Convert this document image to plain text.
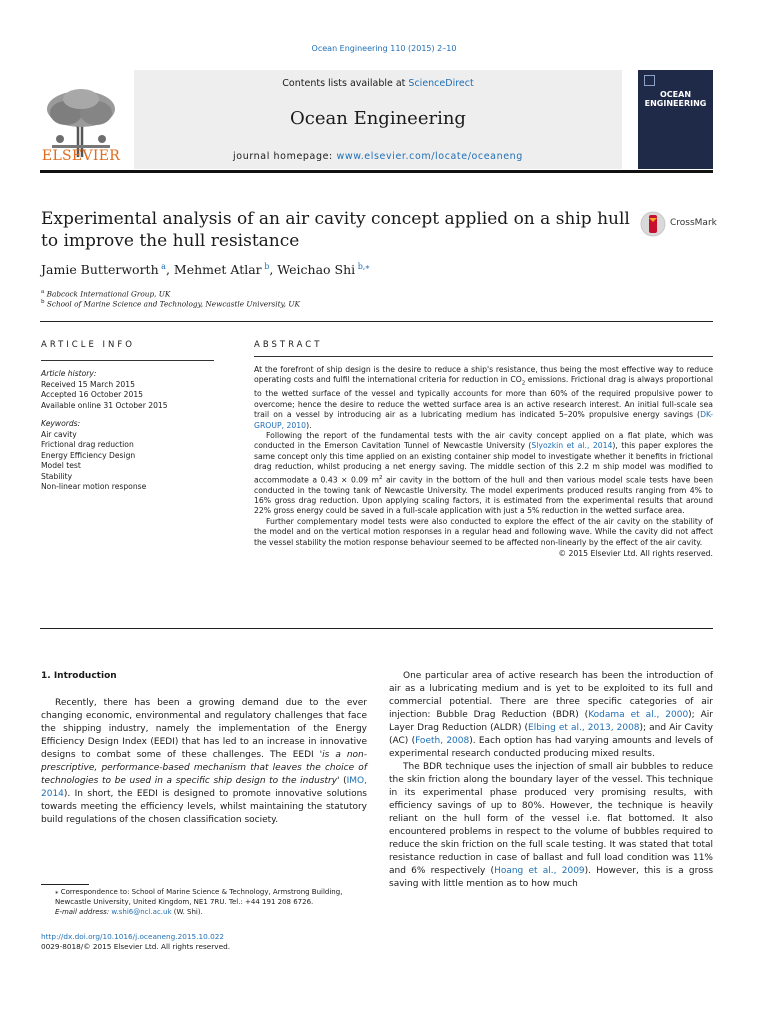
Ocean Engineering 110 (2015) 2–10
ELSEVIER
Contents lists available at ScienceDirect
Ocean Engineering
journal homepage: www.elsevier.com/locate/oceaneng
OCEAN
ENGINEERING
Experimental analysis of an air cavity concept applied on a ship hull to improve the hull resistance
CrossMark
Jamie Butterworth $^a$, Mehmet Atlar $^b$, Weichao Shi $^{b,⁎}$
$^a$ Babcock International Group, UK
$^b$ School of Marine Science and Technology, Newcastle University, UK
ARTICLE INFO
Article history:
Received 15 March 2015
Accepted 16 October 2015
Available online 31 October 2015
Keywords:
Air cavity
Frictional drag reduction
Energy Efficiency Design
Model test
Stability
Non-linear motion response
ABSTRACT

At the forefront of ship design is the desire to reduce a ship's resistance, thus being the most effective way to reduce operating costs and fulfil the international criteria for reduction in $CO_2$ emissions. Frictional drag is always proportional to the wetted surface of the vessel and typically accounts for more than 60% of the required propulsive power to overcome; hence the desire to reduce the wetted surface area is an active research interest. An initial full-scale sea trail on a vessel by introducing air as a lubricating medium has indicated 5–20% propulsive energy savings (DK-GROUP, 2010).

Following the report of the fundamental tests with the air cavity concept applied on a flat plate, which was conducted in the Emerson Cavitation Tunnel of Newcastle University (Slyozkin et al., 2014), this paper explores the same concept only this time applied on an existing container ship model to investigate whether it benefits in frictional drag reduction, whilst producing a net energy saving. The middle section of this 2.2 m ship model was modified to accommodate a 0.43 × 0.09 $m^2$ air cavity in the bottom of the hull and then various model scale tests have been conducted in the towing tank of Newcastle University. The model experiments produced results ranging from 4% to 16% gross drag reduction. Upon applying scaling factors, it is estimated from the experimental results that around 22% gross energy could be saved in a full-scale application with just a 5% reduction in the wetted surface area.

Further complementary model tests were also conducted to explore the effect of the air cavity on the stability of the model and on the vertical motion responses in a regular head and following wave. While the cavity did not affect the vessel stability the motion response behaviour seemed to be affected non-linearly by the effect of the air cavity.

© 2015 Elsevier Ltd. All rights reserved.
1. Introduction

Recently, there has been a growing demand due to the ever changing economic, environmental and regulatory challenges that face the shipping industry, namely the implementation of the Energy Efficiency Design Index (EEDI) that has led to an increase in innovative designs to combat some of these challenges. The EEDI 'is a non-prescriptive, performance-based mechanism that leaves the choice of technologies to be used in a specific ship design to the industry' (IMO, 2014). In short, the EEDI is designed to promote innovative solutions towards meeting the efficiency levels, whilst maintaining the statutory build regulations of the chosen classification society.

One particular area of active research has been the introduction of air as a lubricating medium and is yet to be exploited to its full and commercial potential. There are three specific categories of air injection: Bubble Drag Reduction (BDR) (Kodama et al., 2000); Air Layer Drag Reduction (ALDR) (Elbing et al., 2013, 2008); and Air Cavity (AC) (Foeth, 2008). Each option has had varying amounts and levels of experimental research conducted producing mixed results.

The BDR technique uses the injection of small air bubbles to reduce the skin friction along the boundary layer of the vessel. This technique in its experimental phase produced very promising results, with efficiency savings of up to 80%. However, the technique is heavily reliant on the hull form of the vessel i.e. flat bottomed. It also encountered problems in respect to the volume of bubbles required to reduce the skin friction on the full scale testing. It was stated that total resistance reduction in case of ballast and full load condition was 11% and 6% respectively (Hoang et al., 2009). However, this is a gross saving with little mention as to how much

⁎ Correspondence to: School of Marine Science & Technology, Armstrong Building, Newcastle University, United Kingdom, NE1 7RU. Tel.: +44 191 208 6726.
E-mail address: w.shi6@ncl.ac.uk (W. Shi).
http://dx.doi.org/10.1016/j.oceaneng.2015.10.022
0029-8018/© 2015 Elsevier Ltd. All rights reserved.
